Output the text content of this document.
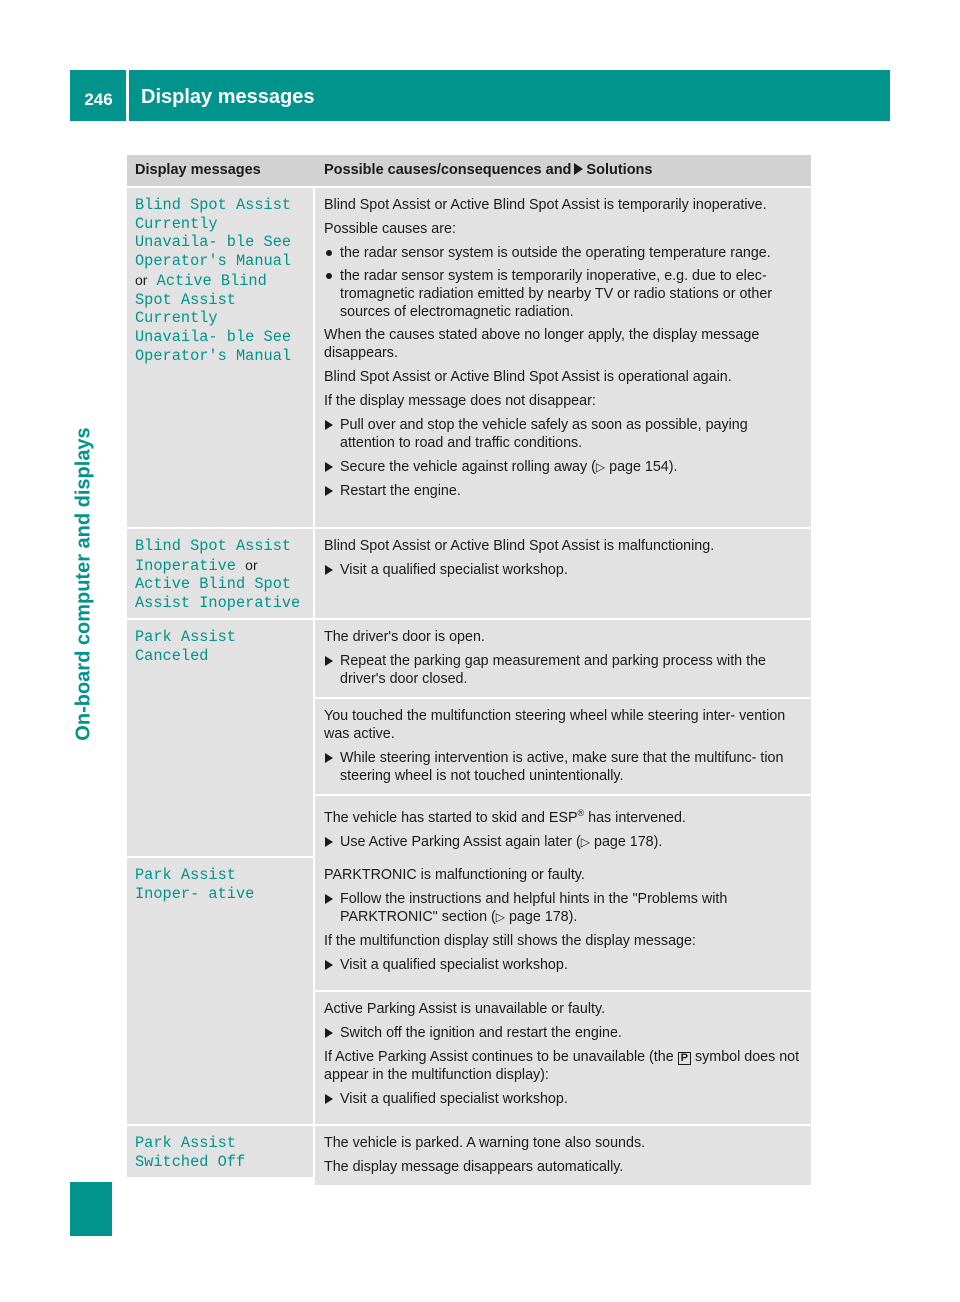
246	Display messages
On-board computer and displays
Display messages	Possible causes/consequences and Solutions
Blind Spot Assist Currently Unavaila‐ ble See Operator's Manual or Active Blind Spot Assist Currently Unavaila‐ ble See Operator's Manual

Blind Spot Assist or Active Blind Spot Assist is temporarily inoperative.

Possible causes are:

the radar sensor system is outside the operating temperature range.
the radar sensor system is temporarily inoperative, e.g. due to elec- tromagnetic radiation emitted by nearby TV or radio stations or other sources of electromagnetic radiation.

When the causes stated above no longer apply, the display message disappears.

Blind Spot Assist or Active Blind Spot Assist is operational again.

If the display message does not disappear:

Pull over and stop the vehicle safely as soon as possible, paying attention to road and traffic conditions.
Secure the vehicle against rolling away (▷ page 154).
Restart the engine.
Blind Spot Assist Inoperative or Active Blind Spot Assist Inoperative

Blind Spot Assist or Active Blind Spot Assist is malfunctioning.

Visit a qualified specialist workshop.
Park Assist Canceled

The driver's door is open.

Repeat the parking gap measurement and parking process with the driver's door closed.

You touched the multifunction steering wheel while steering inter- vention was active.

While steering intervention is active, make sure that the multifunc- tion steering wheel is not touched unintentionally.

The vehicle has started to skid and ESP® has intervened.

Use Active Parking Assist again later (▷ page 178).
Park Assist Inoper‐ ative

PARKTRONIC is malfunctioning or faulty.

Follow the instructions and helpful hints in the "Problems with PARKTRONIC" section (▷ page 178).

If the multifunction display still shows the display message:

Visit a qualified specialist workshop.

Active Parking Assist is unavailable or faulty.

Switch off the ignition and restart the engine.

If Active Parking Assist continues to be unavailable (the P symbol does not appear in the multifunction display):

Visit a qualified specialist workshop.
Park Assist Switched Off

The vehicle is parked. A warning tone also sounds.

The display message disappears automatically.
